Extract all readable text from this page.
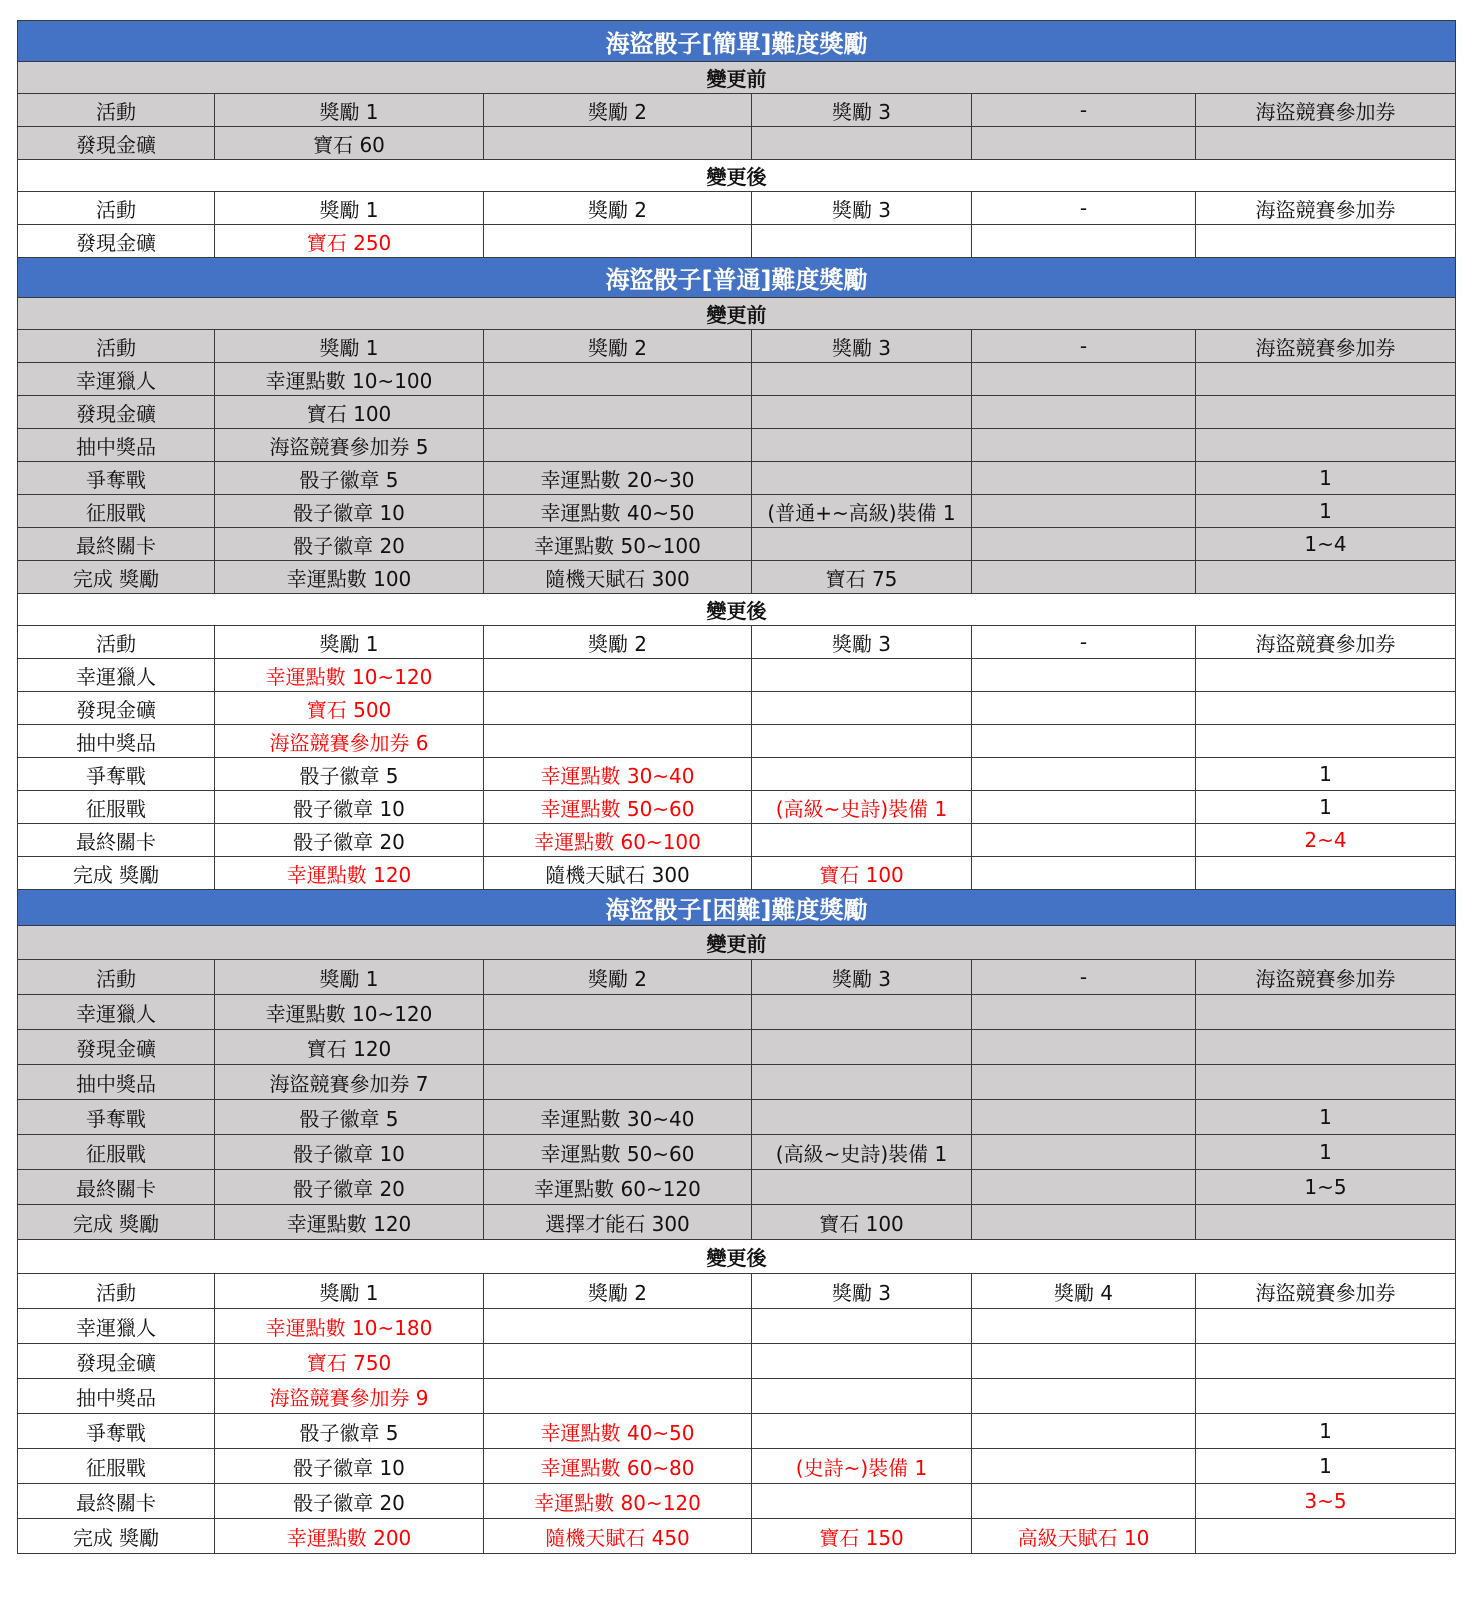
海盜骰子[簡單]難度獎勵					
變更前					
活動	獎勵 1	獎勵 2	獎勵 3	-	海盜競賽參加券
發現金礦	寶石 60				
變更後					
活動	獎勵 1	獎勵 2	獎勵 3	-	海盜競賽參加券
發現金礦	寶石 250				
海盜骰子[普通]難度獎勵					
變更前					
活動	獎勵 1	獎勵 2	獎勵 3	-	海盜競賽參加券
幸運獵人	幸運點數 10~100				
發現金礦	寶石 100				
抽中獎品	海盜競賽參加券 5				
爭奪戰	骰子徽章 5	幸運點數 20~30			1
征服戰	骰子徽章 10	幸運點數 40~50	(普通+~高級)裝備 1		1
最終關卡	骰子徽章 20	幸運點數 50~100			1~4
完成 獎勵	幸運點數 100	隨機天賦石 300	寶石 75		
變更後					
活動	獎勵 1	獎勵 2	獎勵 3	-	海盜競賽參加券
幸運獵人	幸運點數 10~120				
發現金礦	寶石 500				
抽中獎品	海盜競賽參加券 6				
爭奪戰	骰子徽章 5	幸運點數 30~40			1
征服戰	骰子徽章 10	幸運點數 50~60	(高級~史詩)裝備 1		1
最終關卡	骰子徽章 20	幸運點數 60~100			2~4
完成 獎勵	幸運點數 120	隨機天賦石 300	寶石 100		
海盜骰子[困難]難度獎勵					
變更前					
活動	獎勵 1	獎勵 2	獎勵 3	-	海盜競賽參加券
幸運獵人	幸運點數 10~120				
發現金礦	寶石 120				
抽中獎品	海盜競賽參加券 7				
爭奪戰	骰子徽章 5	幸運點數 30~40			1
征服戰	骰子徽章 10	幸運點數 50~60	(高級~史詩)裝備 1		1
最終關卡	骰子徽章 20	幸運點數 60~120			1~5
完成 獎勵	幸運點數 120	選擇才能石 300	寶石 100		
變更後					
活動	獎勵 1	獎勵 2	獎勵 3	獎勵 4	海盜競賽參加券
幸運獵人	幸運點數 10~180				
發現金礦	寶石 750				
抽中獎品	海盜競賽參加券 9				
爭奪戰	骰子徽章 5	幸運點數 40~50			1
征服戰	骰子徽章 10	幸運點數 60~80	(史詩~)裝備 1		1
最終關卡	骰子徽章 20	幸運點數 80~120			3~5
完成 獎勵	幸運點數 200	隨機天賦石 450	寶石 150	高級天賦石 10	
